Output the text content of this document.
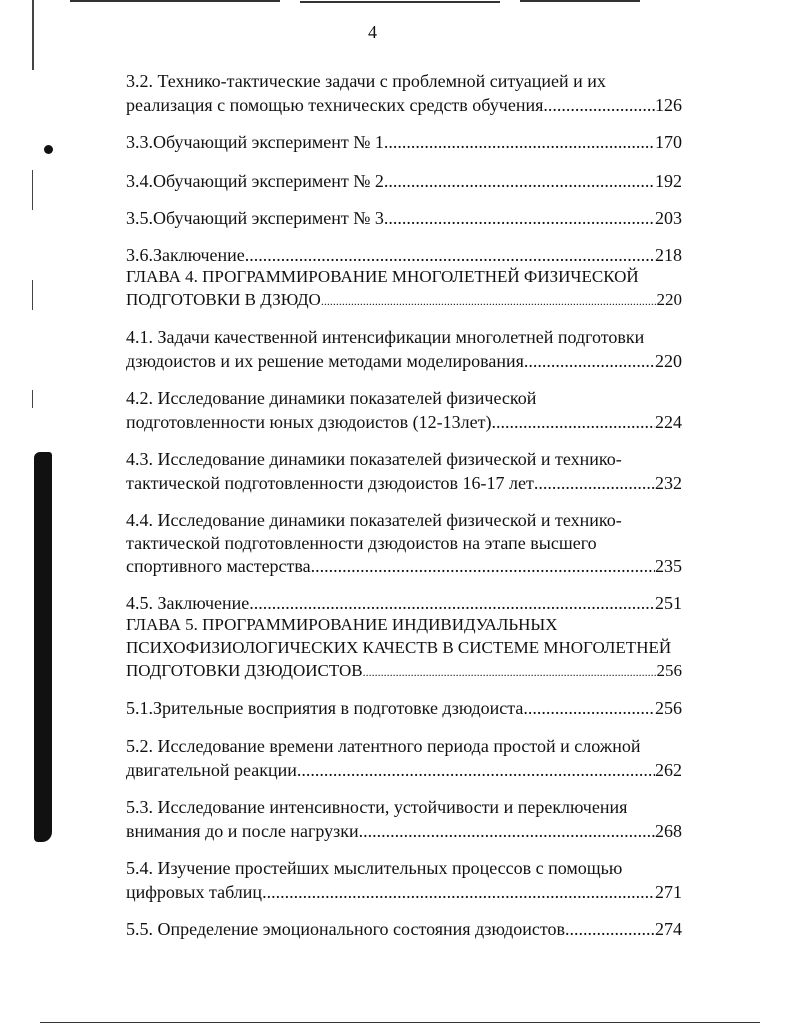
4
3.2. Технико-тактические задачи с проблемной ситуацией и их
реализация с помощью технических средств обучения .....	126
3.3.Обучающий эксперимент № 1. .....	170
3.4.Обучающий эксперимент № 2 .....	192
3.5.Обучающий эксперимент № 3 .....	203
3.6.Заключение .....	218
ГЛАВА 4. ПРОГРАММИРОВАНИЕ МНОГОЛЕТНЕЙ ФИЗИЧЕСКОЙ
ПОДГОТОВКИ В ДЗЮДО .....	220
4.1. Задачи качественной интенсификации многолетней подготовки
дзюдоистов и их решение методами моделирования .....	220
4.2. Исследование динамики показателей физической
подготовленности юных дзюдоистов (12-13лет) .....	224
4.3. Исследование динамики показателей физической и технико-
тактической подготовленности дзюдоистов 16-17 лет .....	232
4.4. Исследование динамики показателей физической и технико-
тактической подготовленности дзюдоистов на этапе высшего
спортивного мастерства .....	235
4.5. Заключение .....	251
ГЛАВА 5. ПРОГРАММИРОВАНИЕ ИНДИВИДУАЛЬНЫХ
ПСИХОФИЗИОЛОГИЧЕСКИХ КАЧЕСТВ В СИСТЕМЕ МНОГОЛЕТНЕЙ
ПОДГОТОВКИ ДЗЮДОИСТОВ .....	256
5.1.Зрительные восприятия в подготовке дзюдоиста .....	256
5.2. Исследование времени латентного периода простой и сложной
двигательной реакции. .....	262
5.3. Исследование интенсивности, устойчивости и переключения
внимания до и после нагрузки .....	268
5.4. Изучение простейших мыслительных процессов с помощью
цифровых таблиц .....	271
5.5. Определение эмоционального состояния дзюдоистов .....	274
